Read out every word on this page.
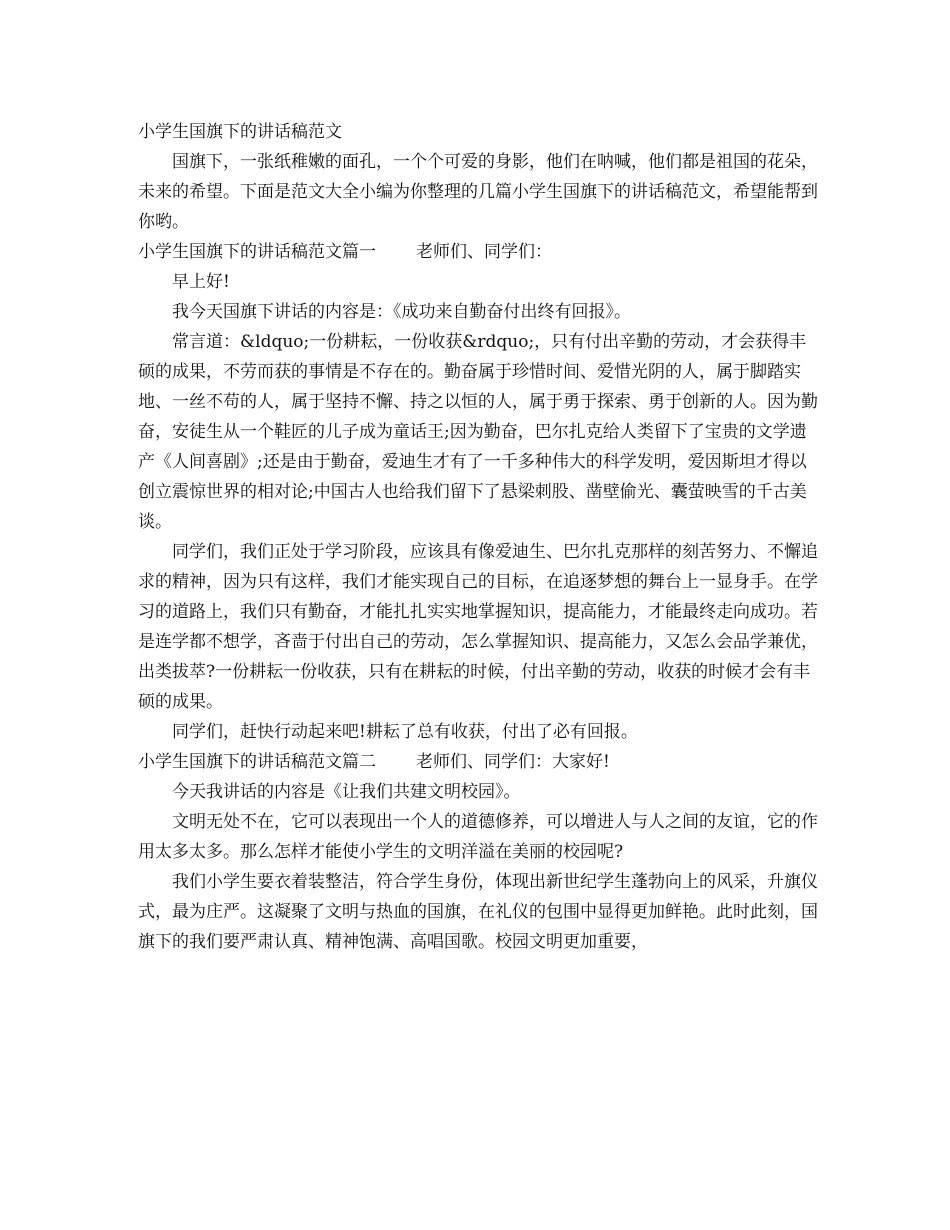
小学生国旗下的讲话稿范文

国旗下，一张纸稚嫩的面孔，一个个可爱的身影，他们在呐喊，他们都是祖国的花朵，未来的希望。下面是范文大全小编为你整理的几篇小学生国旗下的讲话稿范文，希望能帮到你哟。

小学生国旗下的讲话稿范文篇一 老师们、同学们：

早上好!

我今天国旗下讲话的内容是：《成功来自勤奋付出终有回报》。

常言道：&ldquo;一份耕耘，一份收获&rdquo;，只有付出辛勤的劳动，才会获得丰硕的成果，不劳而获的事情是不存在的。勤奋属于珍惜时间、爱惜光阴的人，属于脚踏实地、一丝不苟的人，属于坚持不懈、持之以恒的人，属于勇于探索、勇于创新的人。因为勤奋，安徒生从一个鞋匠的儿子成为童话王;因为勤奋，巴尔扎克给人类留下了宝贵的文学遗产《人间喜剧》;还是由于勤奋，爱迪生才有了一千多种伟大的科学发明，爱因斯坦才得以创立震惊世界的相对论;中国古人也给我们留下了悬梁刺股、凿壁偷光、囊萤映雪的千古美谈。

同学们，我们正处于学习阶段，应该具有像爱迪生、巴尔扎克那样的刻苦努力、不懈追求的精神，因为只有这样，我们才能实现自己的目标，在追逐梦想的舞台上一显身手。在学习的道路上，我们只有勤奋，才能扎扎实实地掌握知识，提高能力，才能最终走向成功。若是连学都不想学，吝啬于付出自己的劳动，怎么掌握知识、提高能力，又怎么会品学兼优，出类拔萃?一份耕耘一份收获，只有在耕耘的时候，付出辛勤的劳动，收获的时候才会有丰硕的成果。

同学们，赶快行动起来吧!耕耘了总有收获，付出了必有回报。

小学生国旗下的讲话稿范文篇二 老师们、同学们：大家好!

今天我讲话的内容是《让我们共建文明校园》。

文明无处不在，它可以表现出一个人的道德修养，可以增进人与人之间的友谊，它的作用太多太多。那么怎样才能使小学生的文明洋溢在美丽的校园呢?

我们小学生要衣着装整洁，符合学生身份，体现出新世纪学生蓬勃向上的风采，升旗仪式，最为庄严。这凝聚了文明与热血的国旗，在礼仪的包围中显得更加鲜艳。此时此刻，国旗下的我们要严肃认真、精神饱满、高唱国歌。校园文明更加重要，
